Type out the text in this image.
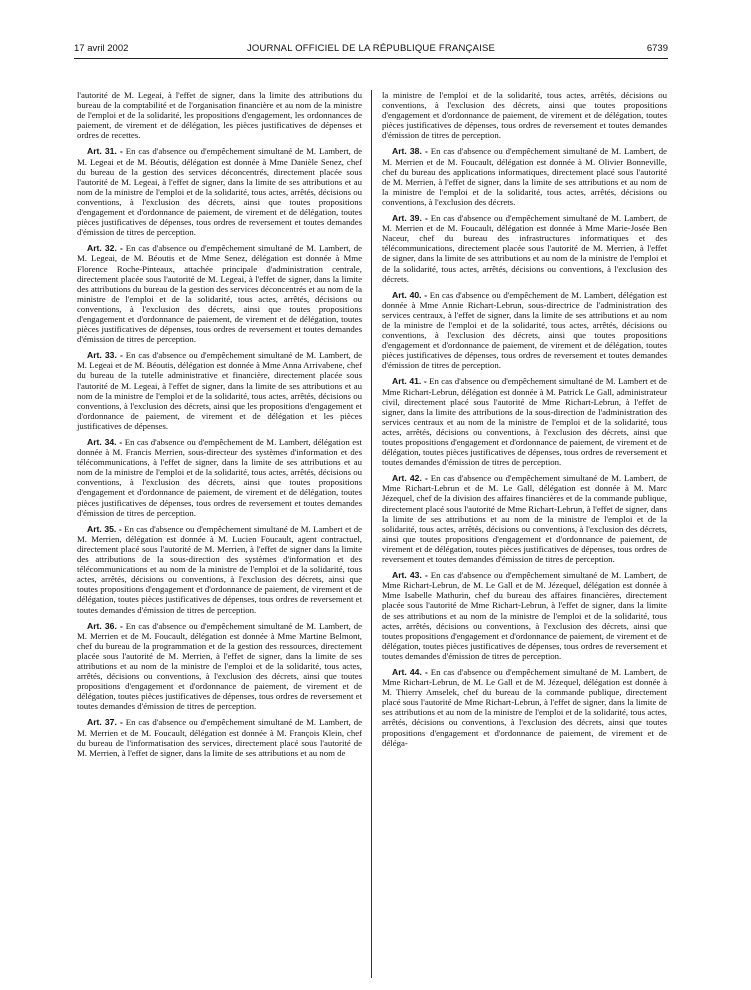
17 avril 2002	JOURNAL OFFICIEL DE LA RÉPUBLIQUE FRANÇAISE	6739

l'autorité de M. Legeai, à l'effet de signer, dans la limite des attributions du bureau de la comptabilité et de l'organisation financière et au nom de la ministre de l'emploi et de la solidarité, les propositions d'engagement, les ordonnances de paiement, de virement et de délégation, les pièces justificatives de dépenses et ordres de recettes.

Art. 31. - En cas d'absence ou d'empêchement simultané de M. Lambert, de M. Legeai et de M. Béoutis, délégation est donnée à Mme Danièle Senez, chef du bureau de la gestion des services déconcentrés, directement placée sous l'autorité de M. Legeai, à l'effet de signer, dans la limite de ses attributions et au nom de la ministre de l'emploi et de la solidarité, tous actes, arrêtés, décisions ou conventions, à l'exclusion des décrets, ainsi que toutes propositions d'engagement et d'ordonnance de paiement, de virement et de délégation, toutes pièces justificatives de dépenses, tous ordres de reversement et toutes demandes d'émission de titres de perception.

Art. 32. - En cas d'absence ou d'empêchement simultané de M. Lambert, de M. Legeai, de M. Béoutis et de Mme Senez, délégation est donnée à Mme Florence Roche-Pinteaux, attachée principale d'administration centrale, directement placée sous l'autorité de M. Legeai, à l'effet de signer, dans la limite des attributions du bureau de la gestion des services déconcentrés et au nom de la ministre de l'emploi et de la solidarité, tous actes, arrêtés, décisions ou conventions, à l'exclusion des décrets, ainsi que toutes propositions d'engagement et d'ordonnance de paiement, de virement et de délégation, toutes pièces justificatives de dépenses, tous ordres de reversement et toutes demandes d'émission de titres de perception.

Art. 33. - En cas d'absence ou d'empêchement simultané de M. Lambert, de M. Legeai et de M. Béoutis, délégation est donnée à Mme Anna Arrivabene, chef du bureau de la tutelle administrative et financière, directement placée sous l'autorité de M. Legeai, à l'effet de signer, dans la limite de ses attributions et au nom de la ministre de l'emploi et de la solidarité, tous actes, arrêtés, décisions ou conventions, à l'exclusion des décrets, ainsi que les propositions d'engagement et d'ordonnance de paiement, de virement et de délégation et les pièces justificatives de dépenses.

Art. 34. - En cas d'absence ou d'empêchement de M. Lambert, délégation est donnée à M. Francis Merrien, sous-directeur des systèmes d'information et des télécommunications, à l'effet de signer, dans la limite de ses attributions et au nom de la ministre de l'emploi et de la solidarité, tous actes, arrêtés, décisions ou conventions, à l'exclusion des décrets, ainsi que toutes propositions d'engagement et d'ordonnance de paiement, de virement et de délégation, toutes pièces justificatives de dépenses, tous ordres de reversement et toutes demandes d'émission de titres de perception.

Art. 35. - En cas d'absence ou d'empêchement simultané de M. Lambert et de M. Merrien, délégation est donnée à M. Lucien Foucault, agent contractuel, directement placé sous l'autorité de M. Merrien, à l'effet de signer dans la limite des attributions de la sous-direction des systèmes d'information et des télécommunications et au nom de la ministre de l'emploi et de la solidarité, tous actes, arrêtés, décisions ou conventions, à l'exclusion des décrets, ainsi que toutes propositions d'engagement et d'ordonnance de paiement, de virement et de délégation, toutes pièces justificatives de dépenses, tous ordres de reversement et toutes demandes d'émission de titres de perception.

Art. 36. - En cas d'absence ou d'empêchement simultané de M. Lambert, de M. Merrien et de M. Foucault, délégation est donnée à Mme Martine Belmont, chef du bureau de la programmation et de la gestion des ressources, directement placée sous l'autorité de M. Merrien, à l'effet de signer, dans la limite de ses attributions et au nom de la ministre de l'emploi et de la solidarité, tous actes, arrêtés, décisions ou conventions, à l'exclusion des décrets, ainsi que toutes propositions d'engagement et d'ordonnance de paiement, de virement et de délégation, toutes pièces justificatives de dépenses, tous ordres de reversement et toutes demandes d'émission de titres de perception.

Art. 37. - En cas d'absence ou d'empêchement simultané de M. Lambert, de M. Merrien et de M. Foucault, délégation est donnée à M. François Klein, chef du bureau de l'informatisation des services, directement placé sous l'autorité de M. Merrien, à l'effet de signer, dans la limite de ses attributions et au nom de

la ministre de l'emploi et de la solidarité, tous actes, arrêtés, décisions ou conventions, à l'exclusion des décrets, ainsi que toutes propositions d'engagement et d'ordonnance de paiement, de virement et de délégation, toutes pièces justificatives de dépenses, tous ordres de reversement et toutes demandes d'émission de titres de perception.

Art. 38. - En cas d'absence ou d'empêchement simultané de M. Lambert, de M. Merrien et de M. Foucault, délégation est donnée à M. Olivier Bonneville, chef du bureau des applications informatiques, directement placé sous l'autorité de M. Merrien, à l'effet de signer, dans la limite de ses attributions et au nom de la ministre de l'emploi et de la solidarité, tous actes, arrêtés, décisions ou conventions, à l'exclusion des décrets.

Art. 39. - En cas d'absence ou d'empêchement simultané de M. Lambert, de M. Merrien et de M. Foucault, délégation est donnée à Mme Marie-Josée Ben Naceur, chef du bureau des infrastructures informatiques et des télécommunications, directement placée sous l'autorité de M. Merrien, à l'effet de signer, dans la limite de ses attributions et au nom de la ministre de l'emploi et de la solidarité, tous actes, arrêtés, décisions ou conventions, à l'exclusion des décrets.

Art. 40. - En cas d'absence ou d'empêchement de M. Lambert, délégation est donnée à Mme Annie Richart-Lebrun, sous-directrice de l'administration des services centraux, à l'effet de signer, dans la limite de ses attributions et au nom de la ministre de l'emploi et de la solidarité, tous actes, arrêtés, décisions ou conventions, à l'exclusion des décrets, ainsi que toutes propositions d'engagement et d'ordonnance de paiement, de virement et de délégation, toutes pièces justificatives de dépenses, tous ordres de reversement et toutes demandes d'émission de titres de perception.

Art. 41. - En cas d'absence ou d'empêchement simultané de M. Lambert et de Mme Richart-Lebrun, délégation est donnée à M. Patrick Le Gall, administrateur civil, directement placé sous l'autorité de Mme Richart-Lebrun, à l'effet de signer, dans la limite des attributions de la sous-direction de l'administration des services centraux et au nom de la ministre de l'emploi et de la solidarité, tous actes, arrêtés, décisions ou conventions, à l'exclusion des décrets, ainsi que toutes propositions d'engagement et d'ordonnance de paiement, de virement et de délégation, toutes pièces justificatives de dépenses, tous ordres de reversement et toutes demandes d'émission de titres de perception.

Art. 42. - En cas d'absence ou d'empêchement simultané de M. Lambert, de Mme Richart-Lebrun et de M. Le Gall, délégation est donnée à M. Marc Jézequel, chef de la division des affaires financières et de la commande publique, directement placé sous l'autorité de Mme Richart-Lebrun, à l'effet de signer, dans la limite de ses attributions et au nom de la ministre de l'emploi et de la solidarité, tous actes, arrêtés, décisions ou conventions, à l'exclusion des décrets, ainsi que toutes propositions d'engagement et d'ordonnance de paiement, de virement et de délégation, toutes pièces justificatives de dépenses, tous ordres de reversement et toutes demandes d'émission de titres de perception.

Art. 43. - En cas d'absence ou d'empêchement simultané de M. Lambert, de Mme Richart-Lebrun, de M. Le Gall et de M. Jézequel, délégation est donnée à Mme Isabelle Mathurin, chef du bureau des affaires financières, directement placée sous l'autorité de Mme Richart-Lebrun, à l'effet de signer, dans la limite de ses attributions et au nom de la ministre de l'emploi et de la solidarité, tous actes, arrêtés, décisions ou conventions, à l'exclusion des décrets, ainsi que toutes propositions d'engagement et d'ordonnance de paiement, de virement et de délégation, toutes pièces justificatives de dépenses, tous ordres de reversement et toutes demandes d'émission de titres de perception.

Art. 44. - En cas d'absence ou d'empêchement simultané de M. Lambert, de Mme Richart-Lebrun, de M. Le Gall et de M. Jézequel, délégation est donnée à M. Thierry Amselek, chef du bureau de la commande publique, directement placé sous l'autorité de Mme Richart-Lebrun, à l'effet de signer, dans la limite de ses attributions et au nom de la ministre de l'emploi et de la solidarité, tous actes, arrêtés, décisions ou conventions, à l'exclusion des décrets, ainsi que toutes propositions d'engagement et d'ordonnance de paiement, de virement et de déléga-
